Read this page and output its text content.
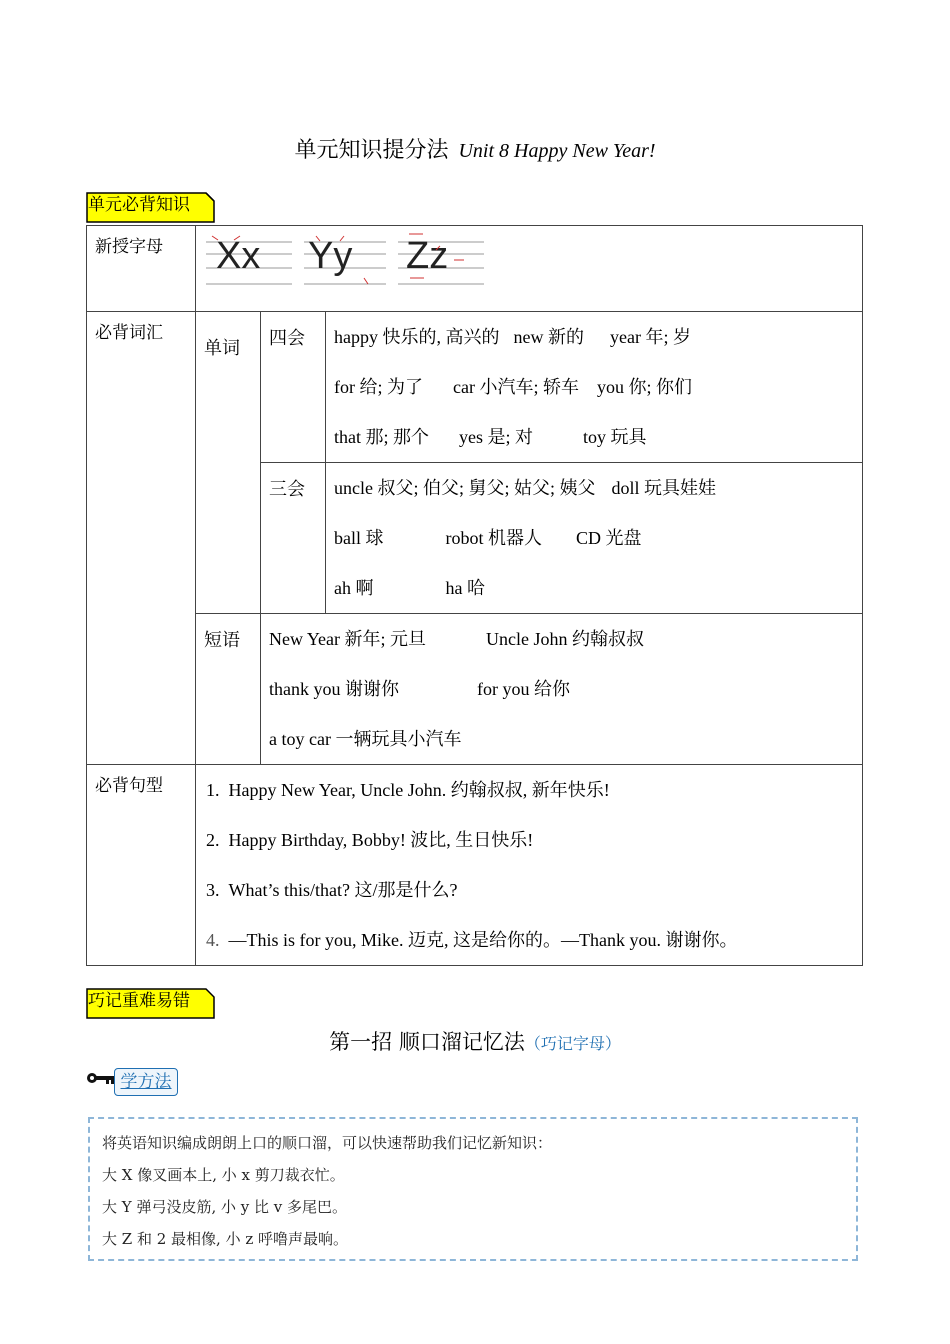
单元知识提分法 Unit 8 Happy New Year!
单元必背知识
新授字母	Xx Yy Zz		

必背词汇	单词	四会	happy 快乐的, 高兴的 new 新的 year 年; 岁
for 给; 为了 car 小汽车; 轿车 you 你; 你们
that 那; 那个 yes 是; 对 toy 玩具

		三会	uncle 叔父; 伯父; 舅父; 姑父; 姨父 doll 玩具娃娃
ball 球 robot 机器人 CD 光盘
ah 啊 ha 哈

	短语	New Year 新年; 元旦 Uncle John 约翰叔叔
thank you 谢谢你 for you 给你
a toy car 一辆玩具小汽车	

必背句型	1. Happy New Year, Uncle John. 约翰叔叔, 新年快乐!
2. Happy Birthday, Bobby! 波比, 生日快乐!
3. What’s this/that? 这/那是什么?
4. —This is for you, Mike. 迈克, 这是给你的。—Thank you. 谢谢你。		
巧记重难易错
第一招 顺口溜记忆法（巧记字母）
学方法
将英语知识编成朗朗上口的顺口溜，可以快速帮助我们记忆新知识：
大 X 像叉画本上, 小 x 剪刀裁衣忙。
大 Y 弹弓没皮筋, 小 y 比 v 多尾巴。
大 Z 和 2 最相像, 小 z 呼噜声最响。
